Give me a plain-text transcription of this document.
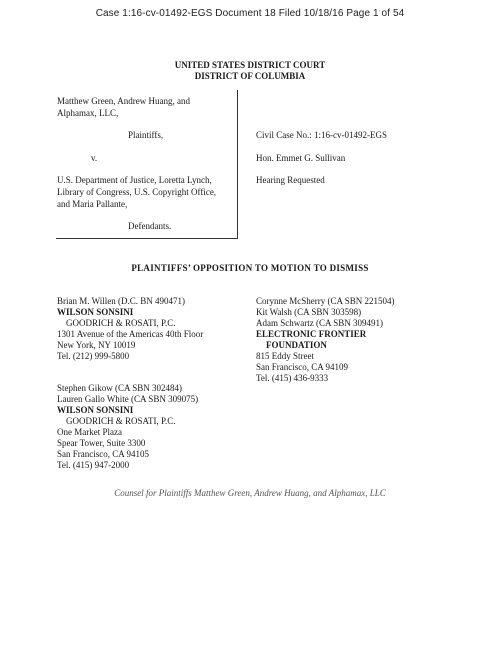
Case 1:16-cv-01492-EGS Document 18 Filed 10/18/16 Page 1 of 54
UNITED STATES DISTRICT COURT
DISTRICT OF COLUMBIA
Matthew Green, Andrew Huang, and
Alphamax, LLC,
Plaintiffs,
v.
U.S. Department of Justice, Loretta Lynch,
Library of Congress, U.S. Copyright Office,
and Maria Pallante,
Defendants.
Civil Case No.: 1:16-cv-01492-EGS
Hon. Emmet G. Sullivan
Hearing Requested
PLAINTIFFS’ OPPOSITION TO MOTION TO DISMISS
Brian M. Willen (D.C. BN 490471)
WILSON SONSINI
GOODRICH & ROSATI, P.C.
1301 Avenue of the Americas 40th Floor
New York, NY 10019
Tel. (212) 999-5800
Corynne McSherry (CA SBN 221504)
Kit Walsh (CA SBN 303598)
Adam Schwartz (CA SBN 309491)
ELECTRONIC FRONTIER
FOUNDATION
815 Eddy Street
San Francisco, CA 94109
Tel. (415) 436-9333
Stephen Gikow (CA SBN 302484)
Lauren Gallo White (CA SBN 309075)
WILSON SONSINI
GOODRICH & ROSATI, P.C.
One Market Plaza
Spear Tower, Suite 3300
San Francisco, CA 94105
Tel. (415) 947-2000
Counsel for Plaintiffs Matthew Green, Andrew Huang, and Alphamax, LLC
